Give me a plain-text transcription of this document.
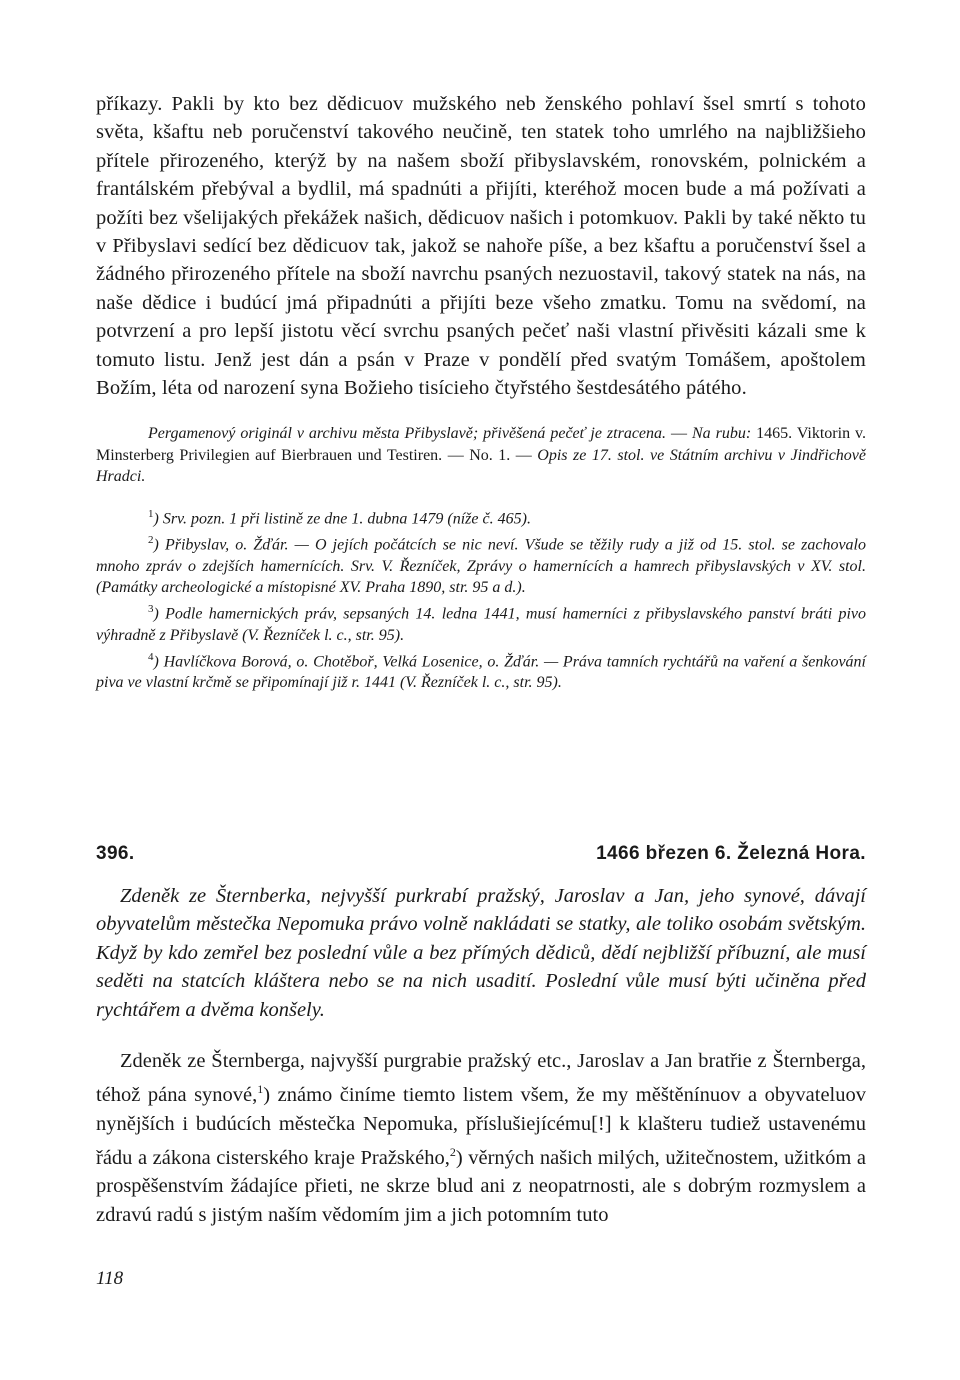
příkazy. Pakli by kto bez dědicuov mužského neb ženského pohlaví šsel smrtí s tohoto světa, kšaftu neb poručenství takového neučině, ten statek toho umrlého na najbližšieho přítele přirozeného, kterýž by na našem sboží přibyslavském, ronovském, polnickém a frantálském přebýval a bydlil, má spadnúti a přijíti, kteréhož mocen bude a má požívati a požíti bez všelijakých překážek našich, dědicuov našich i potomkuov. Pakli by také někto tu v Přibyslavi sedící bez dědicuov tak, jakož se nahoře píše, a bez kšaftu a poručenství šsel a žádného přirozeného přítele na sboží navrchu psaných nezuostavil, takový statek na nás, na naše dědice i budúcí jmá připadnúti a přijíti beze všeho zmatku. Tomu na svědomí, na potvrzení a pro lepší jistotu věcí svrchu psaných pečeť naši vlastní přivěsiti kázali sme k tomuto listu. Jenž jest dán a psán v Praze v pondělí před svatým Tomášem, apoštolem Božím, léta od narození syna Božieho tisícieho čtyřstého šestdesátého pátého.

Pergamenový originál v archivu města Přibyslavě; přivěšená pečeť je ztracena. — Na rubu: 1465. Viktorin v. Minsterberg Privilegien auf Bierbrauen und Testiren. — No. 1. — Opis ze 17. stol. ve Státním archivu v Jindřichově Hradci.

$^1$) Srv. pozn. 1 při listině ze dne 1. dubna 1479 (níže č. 465).

$^2$) Přibyslav, o. Žďár. — O jejích počátcích se nic neví. Všude se těžily rudy a již od 15. stol. se zachovalo mnoho zpráv o zdejších hamernících. Srv. V. Řezníček, Zprávy o hamernících a hamrech přibyslavských v XV. stol. (Památky archeologické a místopisné XV. Praha 1890, str. 95 a d.).

$^3$) Podle hamernických práv, sepsaných 14. ledna 1441, musí hamerníci z přibyslavského panství bráti pivo výhradně z Přibyslavě (V. Řezníček l. c., str. 95).

$^4$) Havlíčkova Borová, o. Chotěboř, Velká Losenice, o. Žďár. — Práva tamních rychtářů na vaření a šenkování piva ve vlastní krčmě se připomínají již r. 1441 (V. Řezníček l. c., str. 95).

396.	1466 březen 6. Železná Hora.

Zdeněk ze Šternberka, nejvyšší purkrabí pražský, Jaroslav a Jan, jeho synové, dávají obyvatelům městečka Nepomuka právo volně nakládati se statky, ale toliko osobám světským. Když by kdo zemřel bez poslední vůle a bez přímých dědiců, dědí nejbližší příbuzní, ale musí seděti na statcích kláštera nebo se na nich usadití. Poslední vůle musí býti učiněna před rychtářem a dvěma konšely.

Zdeněk ze Šternberga, najvyšší purgrabie pražský etc., Jaroslav a Jan bratřie z Šternberga, téhož pána synové,$^1$) známo činíme tiemto listem všem, že my měštěnínuov a obyvateluov nynějších i budúcích městečka Nepomuka, příslušiejícému[!] k klašteru tudiež ustavenému řádu a zákona cisterského kraje Pražského,$^2$) věrných našich milých, užitečnostem, užitkóm a prospěšenstvím žádajíce přieti, ne skrze blud ani z neopatrnosti, ale s dobrým rozmyslem a zdravú radú s jistým naším vědomím jim a jich potomním tuto

118
